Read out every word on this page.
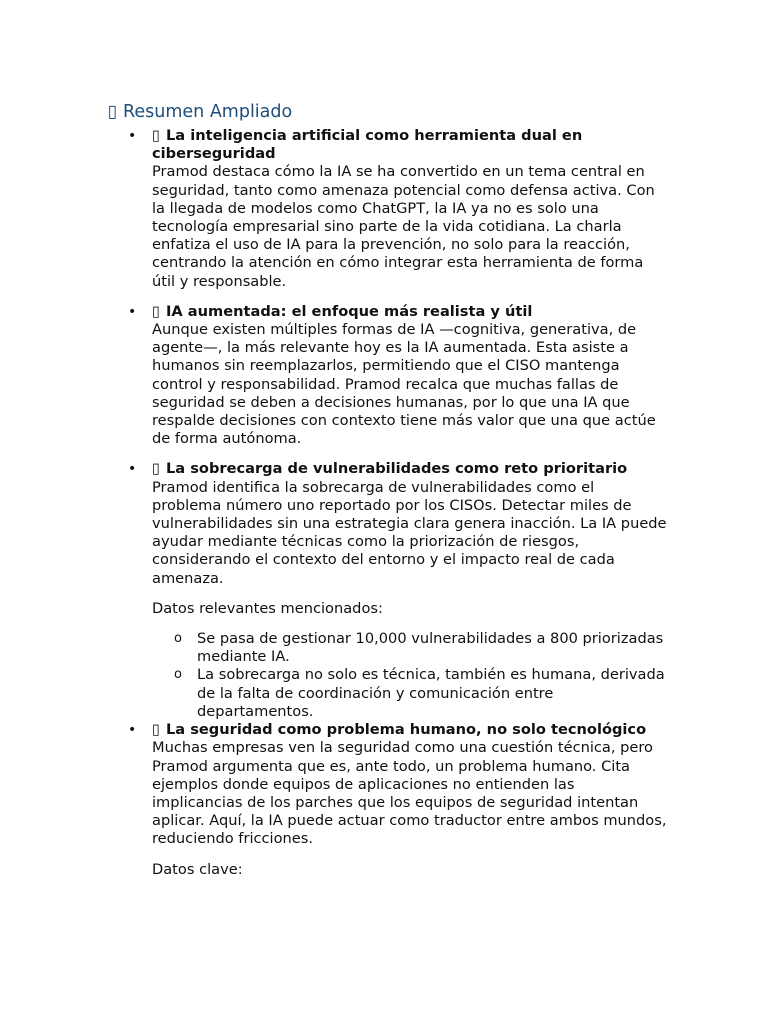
▯ Resumen Ampliado
• ▯ La inteligencia artificial como herramienta dual en ciberseguridad

Pramod destaca cómo la IA se ha convertido en un tema central en seguridad, tanto como amenaza potencial como defensa activa. Con la llegada de modelos como ChatGPT, la IA ya no es solo una tecnología empresarial sino parte de la vida cotidiana. La charla enfatiza el uso de IA para la prevención, no solo para la reacción, centrando la atención en cómo integrar esta herramienta de forma útil y responsable.

• ▯ IA aumentada: el enfoque más realista y útil

Aunque existen múltiples formas de IA —cognitiva, generativa, de agente—, la más relevante hoy es la IA aumentada. Esta asiste a humanos sin reemplazarlos, permitiendo que el CISO mantenga control y responsabilidad. Pramod recalca que muchas fallas de seguridad se deben a decisiones humanas, por lo que una IA que respalde decisiones con contexto tiene más valor que una que actúe de forma autónoma.

• ▯ La sobrecarga de vulnerabilidades como reto prioritario

Pramod identifica la sobrecarga de vulnerabilidades como el problema número uno reportado por los CISOs. Detectar miles de vulnerabilidades sin una estrategia clara genera inacción. La IA puede ayudar mediante técnicas como la priorización de riesgos, considerando el contexto del entorno y el impacto real de cada amenaza.

Datos relevantes mencionados:

o Se pasa de gestionar 10,000 vulnerabilidades a 800 priorizadas mediante IA.
o La sobrecarga no solo es técnica, también es humana, derivada de la falta de coordinación y comunicación entre departamentos.
• ▯ La seguridad como problema humano, no solo tecnológico

Muchas empresas ven la seguridad como una cuestión técnica, pero Pramod argumenta que es, ante todo, un problema humano. Cita ejemplos donde equipos de aplicaciones no entienden las implicancias de los parches que los equipos de seguridad intentan aplicar. Aquí, la IA puede actuar como traductor entre ambos mundos, reduciendo fricciones.

Datos clave:
